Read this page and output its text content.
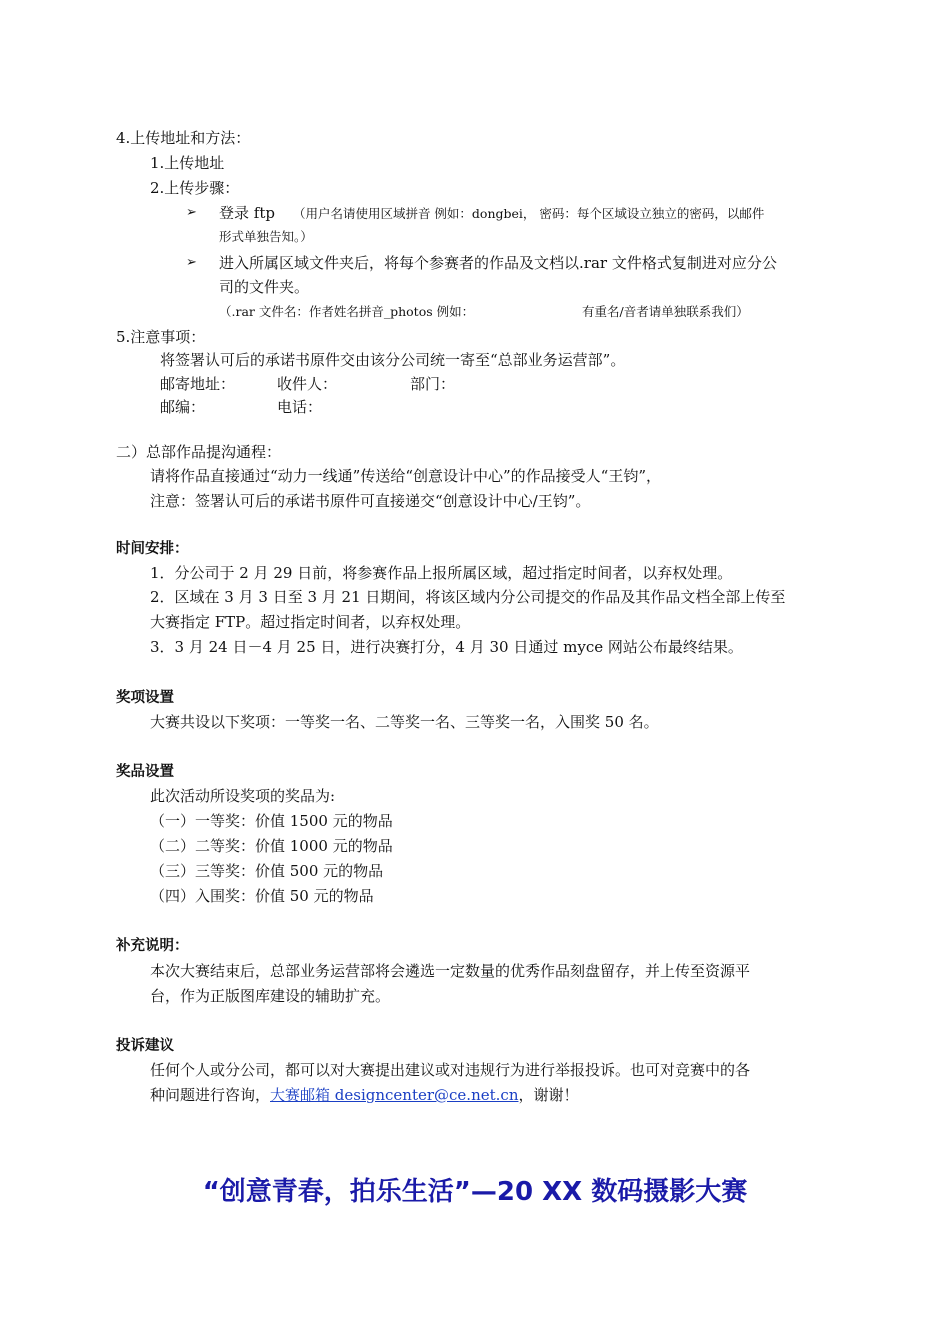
4.上传地址和方法：
1.上传地址
2.上传步骤：
➢ 登录 ftp （用户名请使用区域拼音 例如：dongbei， 密码：每个区域设立独立的密码，以邮件
形式单独告知。）
➢ 进入所属区域文件夹后，将每个参赛者的作品及文档以.rar 文件格式复制进对应分公
司的文件夹。
（.rar 文件名：作者姓名拼音_photos 例如：	有重名/音者请单独联系我们）
5.注意事项：
将签署认可后的承诺书原件交由该分公司统一寄至“总部业务运营部”。
邮寄地址：	收件人：	部门：
邮编：	电话：
二）总部作品提沟通程：
请将作品直接通过“动力一线通”传送给“创意设计中心”的作品接受人“王钧”，
注意：签署认可后的承诺书原件可直接递交“创意设计中心/王钧”。
时间安排：
1．分公司于 2 月 29 日前，将参赛作品上报所属区域，超过指定时间者，以弃权处理。
2．区域在 3 月 3 日至 3 月 21 日期间，将该区域内分公司提交的作品及其作品文档全部上传至
大赛指定 FTP。超过指定时间者，以弃权处理。
3．3 月 24 日－4 月 25 日，进行决赛打分，4 月 30 日通过 myce 网站公布最终结果。
奖项设置
大赛共设以下奖项：一等奖一名、二等奖一名、三等奖一名，入围奖 50 名。
奖品设置
此次活动所设奖项的奖品为:
（一）一等奖：价值 1500 元的物品
（二）二等奖：价值 1000 元的物品
（三）三等奖：价值 500 元的物品
（四）入围奖：价值 50 元的物品
补充说明：
本次大赛结束后，总部业务运营部将会遴选一定数量的优秀作品刻盘留存，并上传至资源平
台，作为正版图库建设的辅助扩充。
投诉建议
任何个人或分公司，都可以对大赛提出建议或对违规行为进行举报投诉。也可对竞赛中的各
种问题进行咨询，大赛邮箱 designcenter@ce.net.cn，谢谢！
“创意青春，拍乐生活”—20 XX 数码摄影大赛
